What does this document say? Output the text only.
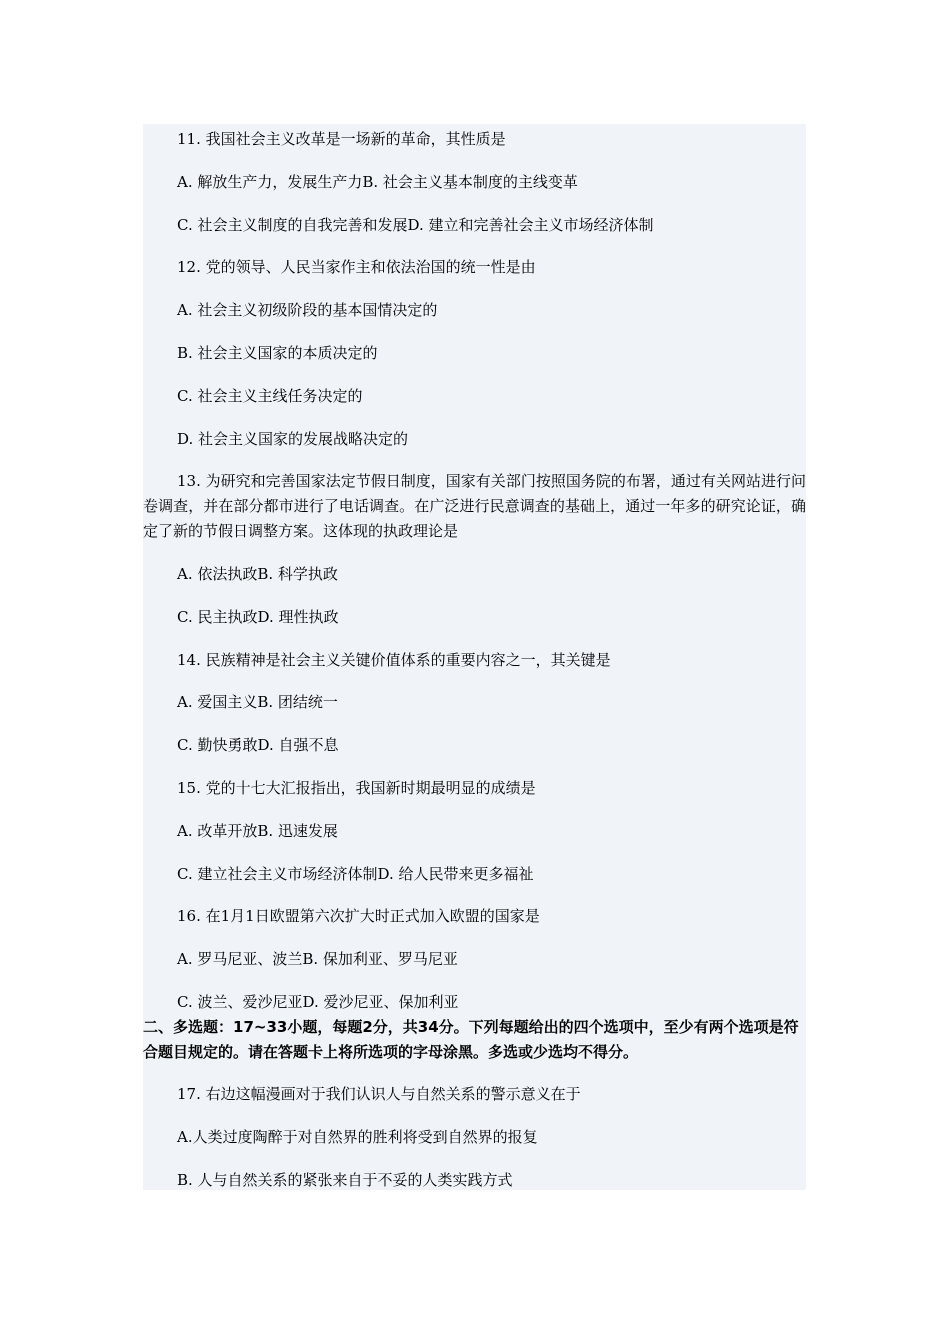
11. 我国社会主义改革是一场新的革命，其性质是
A. 解放生产力，发展生产力B. 社会主义基本制度的主线变革
C. 社会主义制度的自我完善和发展D. 建立和完善社会主义市场经济体制
12. 党的领导、人民当家作主和依法治国的统一性是由
A. 社会主义初级阶段的基本国情决定的
B. 社会主义国家的本质决定的
C. 社会主义主线任务决定的
D. 社会主义国家的发展战略决定的
13. 为研究和完善国家法定节假日制度，国家有关部门按照国务院的布署，通过有关网站进行问卷调查，并在部分都市进行了电话调查。在广泛进行民意调查的基础上，通过一年多的研究论证，确定了新的节假日调整方案。这体现的执政理论是
A. 依法执政B. 科学执政
C. 民主执政D. 理性执政
14. 民族精神是社会主义关键价值体系的重要内容之一，其关键是
A. 爱国主义B. 团结统一
C. 勤快勇敢D. 自强不息
15. 党的十七大汇报指出，我国新时期最明显的成绩是
A. 改革开放B. 迅速发展
C. 建立社会主义市场经济体制D. 给人民带来更多福祉
16. 在1月1日欧盟第六次扩大时正式加入欧盟的国家是
A. 罗马尼亚、波兰B. 保加利亚、罗马尼亚
C. 波兰、爱沙尼亚D. 爱沙尼亚、保加利亚
二、多选题：17~33小题，每题2分，共34分。下列每题给出的四个选项中，至少有两个选项是符合题目规定的。请在答题卡上将所选项的字母涂黑。多选或少选均不得分。
17. 右边这幅漫画对于我们认识人与自然关系的警示意义在于
A.人类过度陶醉于对自然界的胜利将受到自然界的报复
B. 人与自然关系的紧张来自于不妥的人类实践方式
